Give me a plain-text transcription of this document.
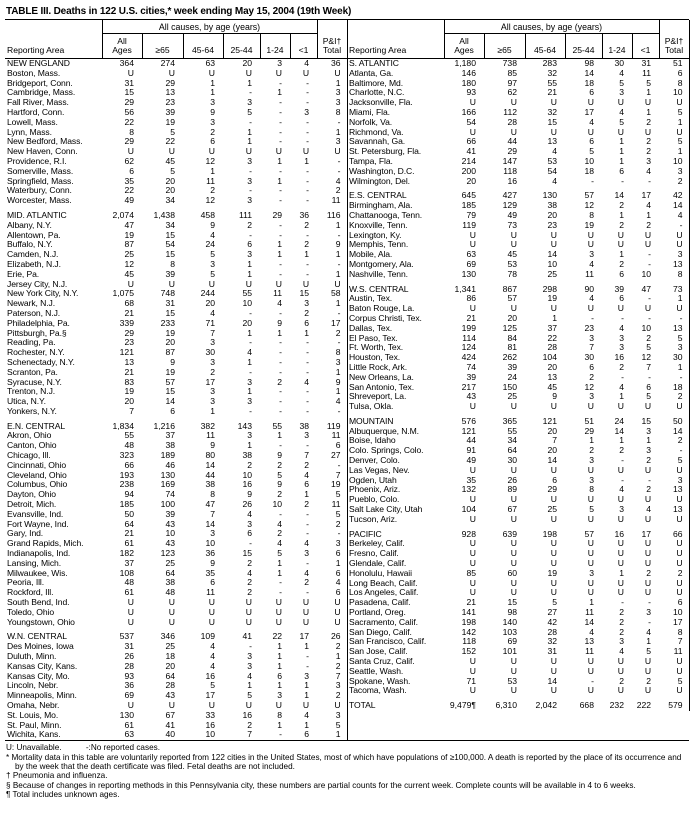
TABLE III. Deaths in 122 U.S. cities,* week ending May 15, 2004 (19th Week)
	All causes, by age (years)						
Reporting Area	
All
Ages	≥65	45-64	25-44	1-24	<1	
P&I†
Total

NEW ENGLAND	364	274	63	20	3	4	36
Boston, Mass.	U	U	U	U	U	U	U
Bridgeport, Conn.	31	29	1	1	-	-	1
Cambridge, Mass.	15	13	1	-	1	-	3
Fall River, Mass.	29	23	3	3	-	-	3
Hartford, Conn.	56	39	9	5	-	3	8
Lowell, Mass.	22	19	3	-	-	-	-
Lynn, Mass.	8	5	2	1	-	-	1
New Bedford, Mass.	29	22	6	1	-	-	3
New Haven, Conn.	U	U	U	U	U	U	U
Providence, R.I.	62	45	12	3	1	1	-
Somerville, Mass.	6	5	1	-	-	-	-
Springfield, Mass.	35	20	11	3	1	-	4
Waterbury, Conn.	22	20	2	-	-	-	2
Worcester, Mass.	49	34	12	3	-	-	11

MID. ATLANTIC	2,074	1,438	458	111	29	36	116
Albany, N.Y.	47	34	9	2	-	2	1
Allentown, Pa.	19	15	4	-	-	-	-
Buffalo, N.Y.	87	54	24	6	1	2	9
Camden, N.J.	25	15	5	3	1	1	1
Elizabeth, N.J.	12	8	3	1	-	-	-
Erie, Pa.	45	39	5	1	-	-	1
Jersey City, N.J.	U	U	U	U	U	U	U
New York City, N.Y.	1,075	748	244	55	11	15	58
Newark, N.J.	68	31	20	10	4	3	1
Paterson, N.J.	21	15	4	-	-	2	-
Philadelphia, Pa.	339	233	71	20	9	6	17
Pittsburgh, Pa.§	29	19	7	1	1	1	2
Reading, Pa.	23	20	3	-	-	-	-
Rochester, N.Y.	121	87	30	4	-	-	8
Schenectady, N.Y.	13	9	3	1	-	-	3
Scranton, Pa.	21	19	2	-	-	-	1
Syracuse, N.Y.	83	57	17	3	2	4	9
Trenton, N.J.	19	15	3	1	-	-	1
Utica, N.Y.	20	14	3	3	-	-	4
Yonkers, N.Y.	7	6	1	-	-	-	-

E.N. CENTRAL	1,834	1,216	382	143	55	38	119
Akron, Ohio	55	37	11	3	1	3	11
Canton, Ohio	48	38	9	1	-	-	6
Chicago, Ill.	323	189	80	38	9	7	27
Cincinnati, Ohio	66	46	14	2	2	2	-
Cleveland, Ohio	193	130	44	10	5	4	7
Columbus, Ohio	238	169	38	16	9	6	19
Dayton, Ohio	94	74	8	9	2	1	5
Detroit, Mich.	185	100	47	26	10	2	11
Evansville, Ind.	50	39	7	4	-	-	5
Fort Wayne, Ind.	64	43	14	3	4	-	2
Gary, Ind.	21	10	3	6	2	-	-
Grand Rapids, Mich.	61	43	10	-	4	4	3
Indianapolis, Ind.	182	123	36	15	5	3	6
Lansing, Mich.	37	25	9	2	1	-	1
Milwaukee, Wis.	108	64	35	4	1	4	6
Peoria, Ill.	48	38	6	2	-	2	4
Rockford, Ill.	61	48	11	2	-	-	6
South Bend, Ind.	U	U	U	U	U	U	U
Toledo, Ohio	U	U	U	U	U	U	U
Youngstown, Ohio	U	U	U	U	U	U	U

W.N. CENTRAL	537	346	109	41	22	17	26
Des Moines, Iowa	31	25	4	-	1	1	2
Duluth, Minn.	26	18	4	3	1	-	1
Kansas City, Kans.	28	20	4	3	1	-	2
Kansas City, Mo.	93	64	16	4	6	3	7
Lincoln, Nebr.	36	28	5	1	1	1	3
Minneapolis, Minn.	69	43	17	5	3	1	2
Omaha, Nebr.	U	U	U	U	U	U	U
St. Louis, Mo.	130	67	33	16	8	4	3
St. Paul, Minn.	61	41	16	2	1	1	5
Wichita, Kans.	63	40	10	7	-	6	1
	All causes, by age (years)						
Reporting Area	
All
Ages	≥65	45-64	25-44	1-24	<1	
P&I†
Total

S. ATLANTIC	1,180	738	283	98	30	31	51
Atlanta, Ga.	146	85	32	14	4	11	6
Baltimore, Md.	180	97	55	18	5	5	8
Charlotte, N.C.	93	62	21	6	3	1	10
Jacksonville, Fla.	U	U	U	U	U	U	U
Miami, Fla.	166	112	32	17	4	1	5
Norfolk, Va.	54	28	15	4	5	2	1
Richmond, Va.	U	U	U	U	U	U	U
Savannah, Ga.	66	44	13	6	1	2	5
St. Petersburg, Fla.	41	29	4	5	1	2	1
Tampa, Fla.	214	147	53	10	1	3	10
Washington, D.C.	200	118	54	18	6	4	3
Wilmington, Del.	20	16	4	-	-	-	2

E.S. CENTRAL	645	427	130	57	14	17	42
Birmingham, Ala.	185	129	38	12	2	4	14
Chattanooga, Tenn.	79	49	20	8	1	1	4
Knoxville, Tenn.	119	73	23	19	2	2	-
Lexington, Ky.	U	U	U	U	U	U	U
Memphis, Tenn.	U	U	U	U	U	U	U
Mobile, Ala.	63	45	14	3	1	-	3
Montgomery, Ala.	69	53	10	4	2	-	13
Nashville, Tenn.	130	78	25	11	6	10	8

W.S. CENTRAL	1,341	867	298	90	39	47	73
Austin, Tex.	86	57	19	4	6	-	1
Baton Rouge, La.	U	U	U	U	U	U	U
Corpus Christi, Tex.	21	20	1	-	-	-	-
Dallas, Tex.	199	125	37	23	4	10	13
El Paso, Tex.	114	84	22	3	3	2	5
Ft. Worth, Tex.	124	81	28	7	3	5	3
Houston, Tex.	424	262	104	30	16	12	30
Little Rock, Ark.	74	39	20	6	2	7	1
New Orleans, La.	39	24	13	2	-	-	-
San Antonio, Tex.	217	150	45	12	4	6	18
Shreveport, La.	43	25	9	3	1	5	2
Tulsa, Okla.	U	U	U	U	U	U	U

MOUNTAIN	576	365	121	51	24	15	50
Albuquerque, N.M.	121	55	20	29	14	3	14
Boise, Idaho	44	34	7	1	1	1	2
Colo. Springs, Colo.	91	64	20	2	2	3	-
Denver, Colo.	49	30	14	3	-	2	5
Las Vegas, Nev.	U	U	U	U	U	U	U
Ogden, Utah	35	26	6	3	-	-	3
Phoenix, Ariz.	132	89	29	8	4	2	13
Pueblo, Colo.	U	U	U	U	U	U	U
Salt Lake City, Utah	104	67	25	5	3	4	13
Tucson, Ariz.	U	U	U	U	U	U	U

PACIFIC	928	639	198	57	16	17	66
Berkeley, Calif.	U	U	U	U	U	U	U
Fresno, Calif.	U	U	U	U	U	U	U
Glendale, Calif.	U	U	U	U	U	U	U
Honolulu, Hawaii	85	60	19	3	1	2	2
Long Beach, Calif.	U	U	U	U	U	U	U
Los Angeles, Calif.	U	U	U	U	U	U	U
Pasadena, Calif.	21	15	5	1	-	-	6
Portland, Oreg.	141	98	27	11	2	3	10
Sacramento, Calif.	198	140	42	14	2	-	17
San Diego, Calif.	142	103	28	4	2	4	8
San Francisco, Calif.	118	69	32	13	3	1	7
San Jose, Calif.	152	101	31	11	4	5	11
Santa Cruz, Calif.	U	U	U	U	U	U	U
Seattle, Wash.	U	U	U	U	U	U	U
Spokane, Wash.	71	53	14	-	2	2	5
Tacoma, Wash.	U	U	U	U	U	U	U

TOTAL	9,479¶	6,310	2,042	668	232	222	579
U: Unavailable.	-:No reported cases.
* Mortality data in this table are voluntarily reported from 122 cities in the United States, most of which have populations of ≥100,000. A death is reported by the place of its occurrence and by the week that the death certificate was filed. Fetal deaths are not included.
† Pneumonia and influenza.
§ Because of changes in reporting methods in this Pennsylvania city, these numbers are partial counts for the current week. Complete counts will be available in 4 to 6 weeks.
¶ Total includes unknown ages.
